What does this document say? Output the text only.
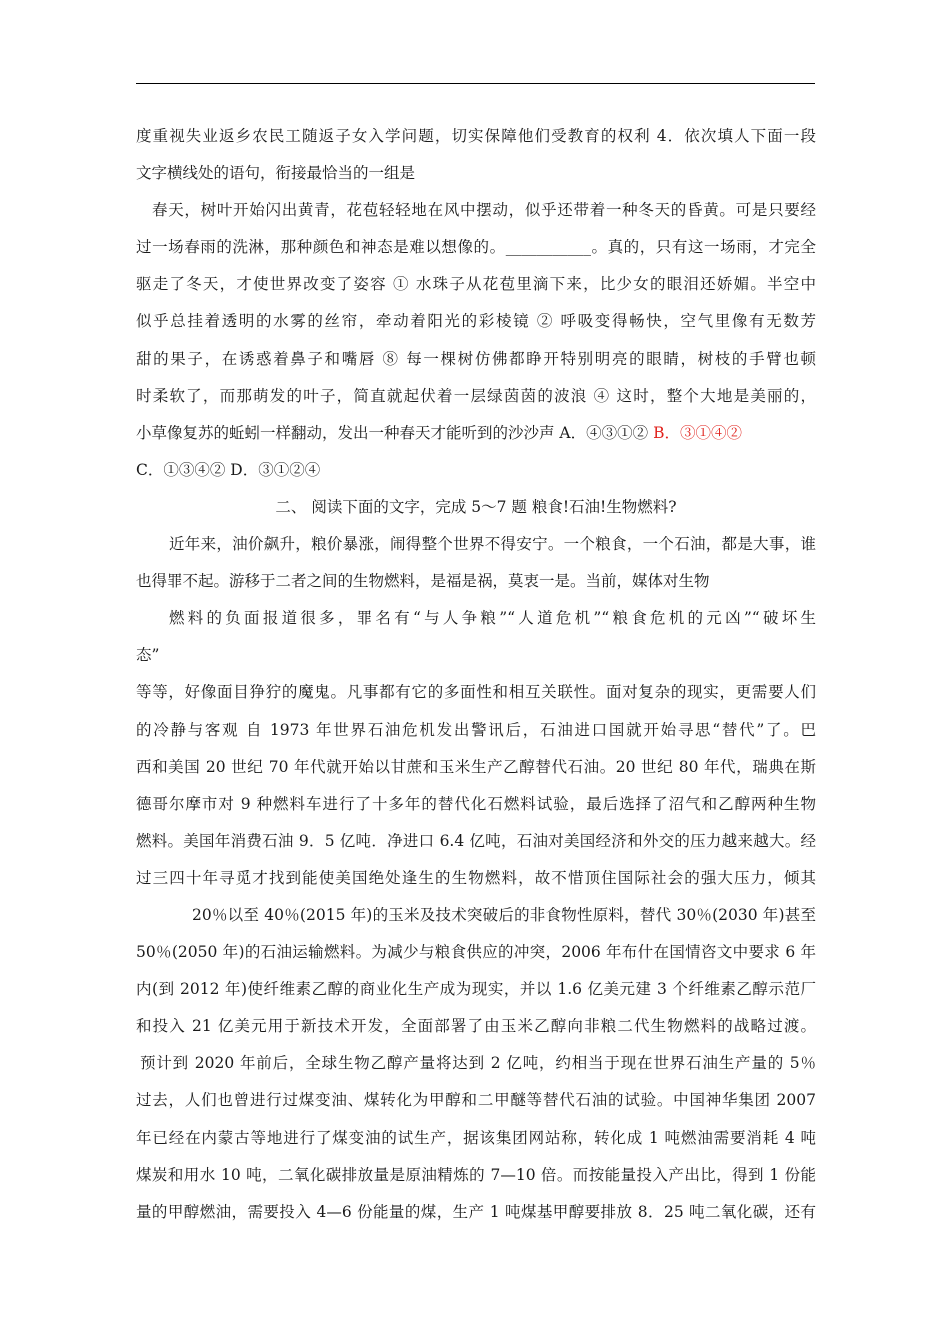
度重视失业返乡农民工随返子女入学问题，切实保障他们受教育的权利 4．依次填人下面一段
文字横线处的语句，衔接最恰当的一组是
春天，树叶开始闪出黄青，花苞轻轻地在风中摆动，似乎还带着一种冬天的昏黄。可是只要经
过一场春雨的洗淋，那种颜色和神态是难以想像的。___________。真的，只有这一场雨，才完全
驱走了冬天，才使世界改变了姿容 ① 水珠子从花苞里滴下来，比少女的眼泪还娇媚。半空中
似乎总挂着透明的水雾的丝帘，牵动着阳光的彩棱镜 ② 呼吸变得畅快，空气里像有无数芳
甜的果子，在诱惑着鼻子和嘴唇 ⑧ 每一棵树仿佛都睁开特别明亮的眼睛，树枝的手臂也顿
时柔软了，而那萌发的叶子，简直就起伏着一层绿茵茵的波浪 ④ 这时，整个大地是美丽的，
小草像复苏的蚯蚓一样翻动，发出一种春天才能听到的沙沙声 A．④③①② B．③①④②
C．①③④② D．③①②④
二、 阅读下面的文字，完成 5～7 题 粮食!石油!生物燃料?
近年来，油价飙升，粮价暴涨，闹得整个世界不得安宁。一个粮食，一个石油，都是大事，谁
也得罪不起。游移于二者之间的生物燃料，是福是祸，莫衷一是。当前，媒体对生物
燃料的负面报道很多，罪名有“与人争粮”“人道危机”“粮食危机的元凶”“破坏生
态”
等等，好像面目狰狞的魔鬼。凡事都有它的多面性和相互关联性。面对复杂的现实，更需要人们
的冷静与客观 自 1973 年世界石油危机发出警讯后，石油进口国就开始寻思“替代”了。巴
西和美国 20 世纪 70 年代就开始以甘蔗和玉米生产乙醇替代石油。20 世纪 80 年代，瑞典在斯
德哥尔摩市对 9 种燃料车进行了十多年的替代化石燃料试验，最后选择了沼气和乙醇两种生物
燃料。美国年消费石油 9．5 亿吨．净进口 6.4 亿吨，石油对美国经济和外交的压力越来越大。经
过三四十年寻觅才找到能使美国绝处逢生的生物燃料，故不惜顶住国际社会的强大压力，倾其
20％以至 40％(2015 年)的玉米及技术突破后的非食物性原料，替代 30％(2030 年)甚至
50％(2050 年)的石油运输燃料。为减少与粮食供应的冲突，2006 年布什在国情咨文中要求 6 年
内(到 2012 年)使纤维素乙醇的商业化生产成为现实，并以 1.6 亿美元建 3 个纤维素乙醇示范厂
和投入 21 亿美元用于新技术开发，全面部署了由玉米乙醇向非粮二代生物燃料的战略过渡。
预计到 2020 年前后，全球生物乙醇产量将达到 2 亿吨，约相当于现在世界石油生产量的 5％
过去，人们也曾进行过煤变油、煤转化为甲醇和二甲醚等替代石油的试验。中国神华集团 2007
年已经在内蒙古等地进行了煤变油的试生产，据该集团网站称，转化成 1 吨燃油需要消耗 4 吨
煤炭和用水 10 吨，二氧化碳排放量是原油精炼的 7—10 倍。而按能量投入产出比，得到 1 份能
量的甲醇燃油，需要投入 4—6 份能量的煤，生产 1 吨煤基甲醇要排放 8．25 吨二氧化碳，还有
